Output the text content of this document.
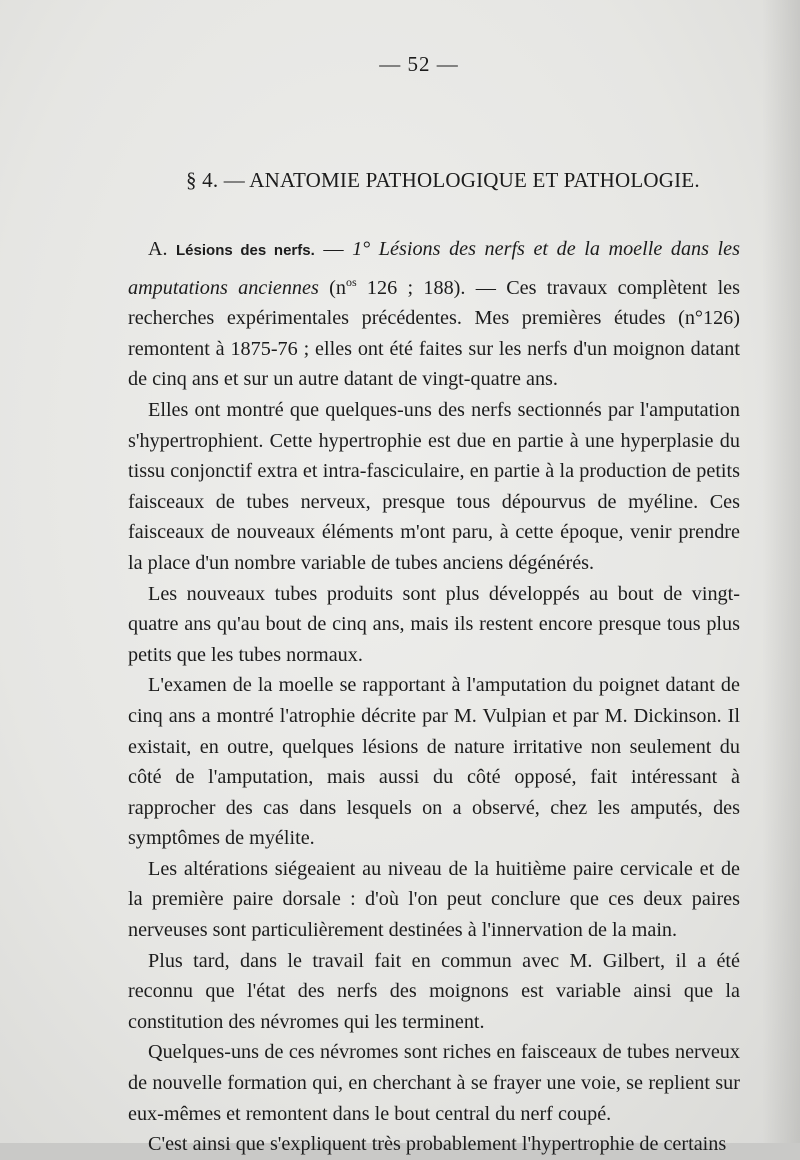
— 52 —
§ 4. — ANATOMIE PATHOLOGIQUE ET PATHOLOGIE.

A. Lésions des nerfs. — 1° Lésions des nerfs et de la moelle dans les amputations anciennes ($n^{os}$ 126 ; 188). — Ces travaux complètent les recherches expérimentales précédentes. Mes premières études (n°126) remontent à 1875-76 ; elles ont été faites sur les nerfs d'un moignon datant de cinq ans et sur un autre datant de vingt-quatre ans.

Elles ont montré que quelques-uns des nerfs sectionnés par l'amputation s'hypertrophient. Cette hypertrophie est due en partie à une hyperplasie du tissu conjonctif extra et intra-fasciculaire, en partie à la production de petits faisceaux de tubes nerveux, presque tous dépourvus de myéline. Ces faisceaux de nouveaux éléments m'ont paru, à cette époque, venir prendre la place d'un nombre variable de tubes anciens dégénérés.

Les nouveaux tubes produits sont plus développés au bout de vingt-quatre ans qu'au bout de cinq ans, mais ils restent encore presque tous plus petits que les tubes normaux.

L'examen de la moelle se rapportant à l'amputation du poignet datant de cinq ans a montré l'atrophie décrite par M. Vulpian et par M. Dickinson. Il existait, en outre, quelques lésions de nature irritative non seulement du côté de l'amputation, mais aussi du côté opposé, fait intéressant à rapprocher des cas dans lesquels on a observé, chez les amputés, des symptômes de myélite.

Les altérations siégeaient au niveau de la huitième paire cervicale et de la première paire dorsale : d'où l'on peut conclure que ces deux paires nerveuses sont particulièrement destinées à l'innervation de la main.

Plus tard, dans le travail fait en commun avec M. Gilbert, il a été reconnu que l'état des nerfs des moignons est variable ainsi que la constitution des névromes qui les terminent.

Quelques-uns de ces névromes sont riches en faisceaux de tubes nerveux de nouvelle formation qui, en cherchant à se frayer une voie, se replient sur eux-mêmes et remontent dans le bout central du nerf coupé.

C'est ainsi que s'expliquent très probablement l'hypertrophie de certains
